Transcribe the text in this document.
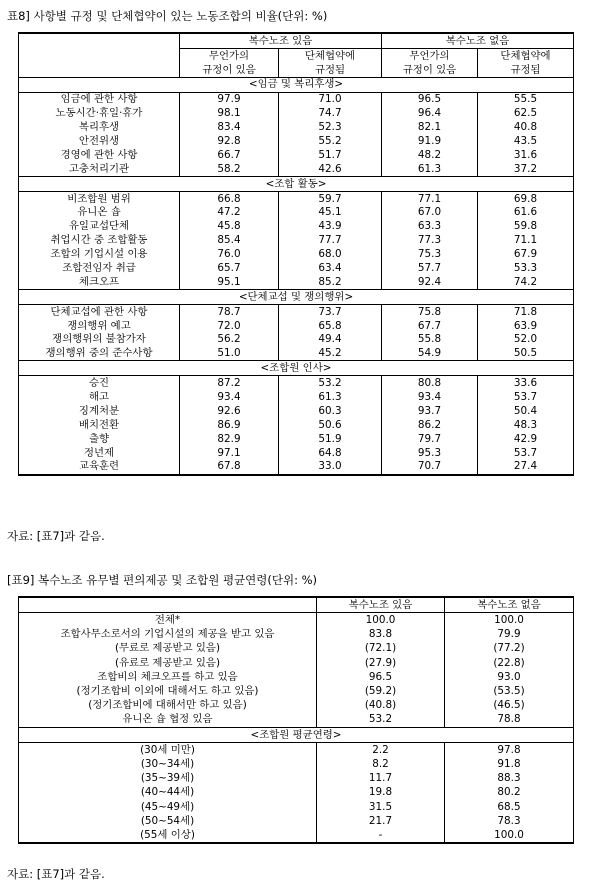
표8] 사항별 규정 및 단체협약이 있는 노동조합의 비율(단위: %)
	복수노조 있음		복수노조 없음	
	무언가의	단체협약에	무언가의	단체협약에
	규정이 있음	규정됨	규정이 있음	규정됨
<임금 및 복리후생>				
임금에 관한 사항	97.9	71.0	96.5	55.5
노동시간·휴일·휴가	98.1	74.7	96.4	62.5
복리후생	83.4	52.3	82.1	40.8
안전위생	92.8	55.2	91.9	43.5
경영에 관한 사항	66.7	51.7	48.2	31.6
고충처리기관	58.2	42.6	61.3	37.2
<조합 활동>				
비조합원 범위	66.8	59.7	77.1	69.8
유니온 숍	47.2	45.1	67.0	61.6
유일교섭단체	45.8	43.9	63.3	59.8
취업시간 중 조합활동	85.4	77.7	77.3	71.1
조합의 기업시설 이용	76.0	68.0	75.3	67.9
조합전임자 취급	65.7	63.4	57.7	53.3
체크오프	95.1	85.2	92.4	74.2
<단체교섭 및 쟁의행위>				
단체교섭에 관한 사항	78.7	73.7	75.8	71.8
쟁의행위 예고	72.0	65.8	67.7	63.9
쟁의행위의 불참가자	56.2	49.4	55.8	52.0
쟁의행위 중의 준수사항	51.0	45.2	54.9	50.5
<조합원 인사>				
승진	87.2	53.2	80.8	33.6
해고	93.4	61.3	93.4	53.7
징계처분	92.6	60.3	93.7	50.4
배치전환	86.9	50.6	86.2	48.3
출향	82.9	51.9	79.7	42.9
정년제	97.1	64.8	95.3	53.7
교육훈련	67.8	33.0	70.7	27.4
자료: [표7]과 같음.
[표9] 복수노조 유무별 편의제공 및 조합원 평균연령(단위: %)
	복수노조 있음	복수노조 없음
전체*	100.0	100.0
조합사무소로서의 기업시설의 제공을 받고 있음	83.8	79.9
(무료로 제공받고 있음)	(72.1)	(77.2)
(유료로 제공받고 있음)	(27.9)	(22.8)
조합비의 체크오프를 하고 있음	96.5	93.0
(정기조합비 이외에 대해서도 하고 있음)	(59.2)	(53.5)
(정기조합비에 대해서만 하고 있음)	(40.8)	(46.5)
유니온 숍 협정 있음	53.2	78.8
<조합원 평균연령>		
(30세 미만)	2.2	97.8
(30~34세)	8.2	91.8
(35~39세)	11.7	88.3
(40~44세)	19.8	80.2
(45~49세)	31.5	68.5
(50~54세)	21.7	78.3
(55세 이상)	-	100.0
자료: [표7]과 같음.
